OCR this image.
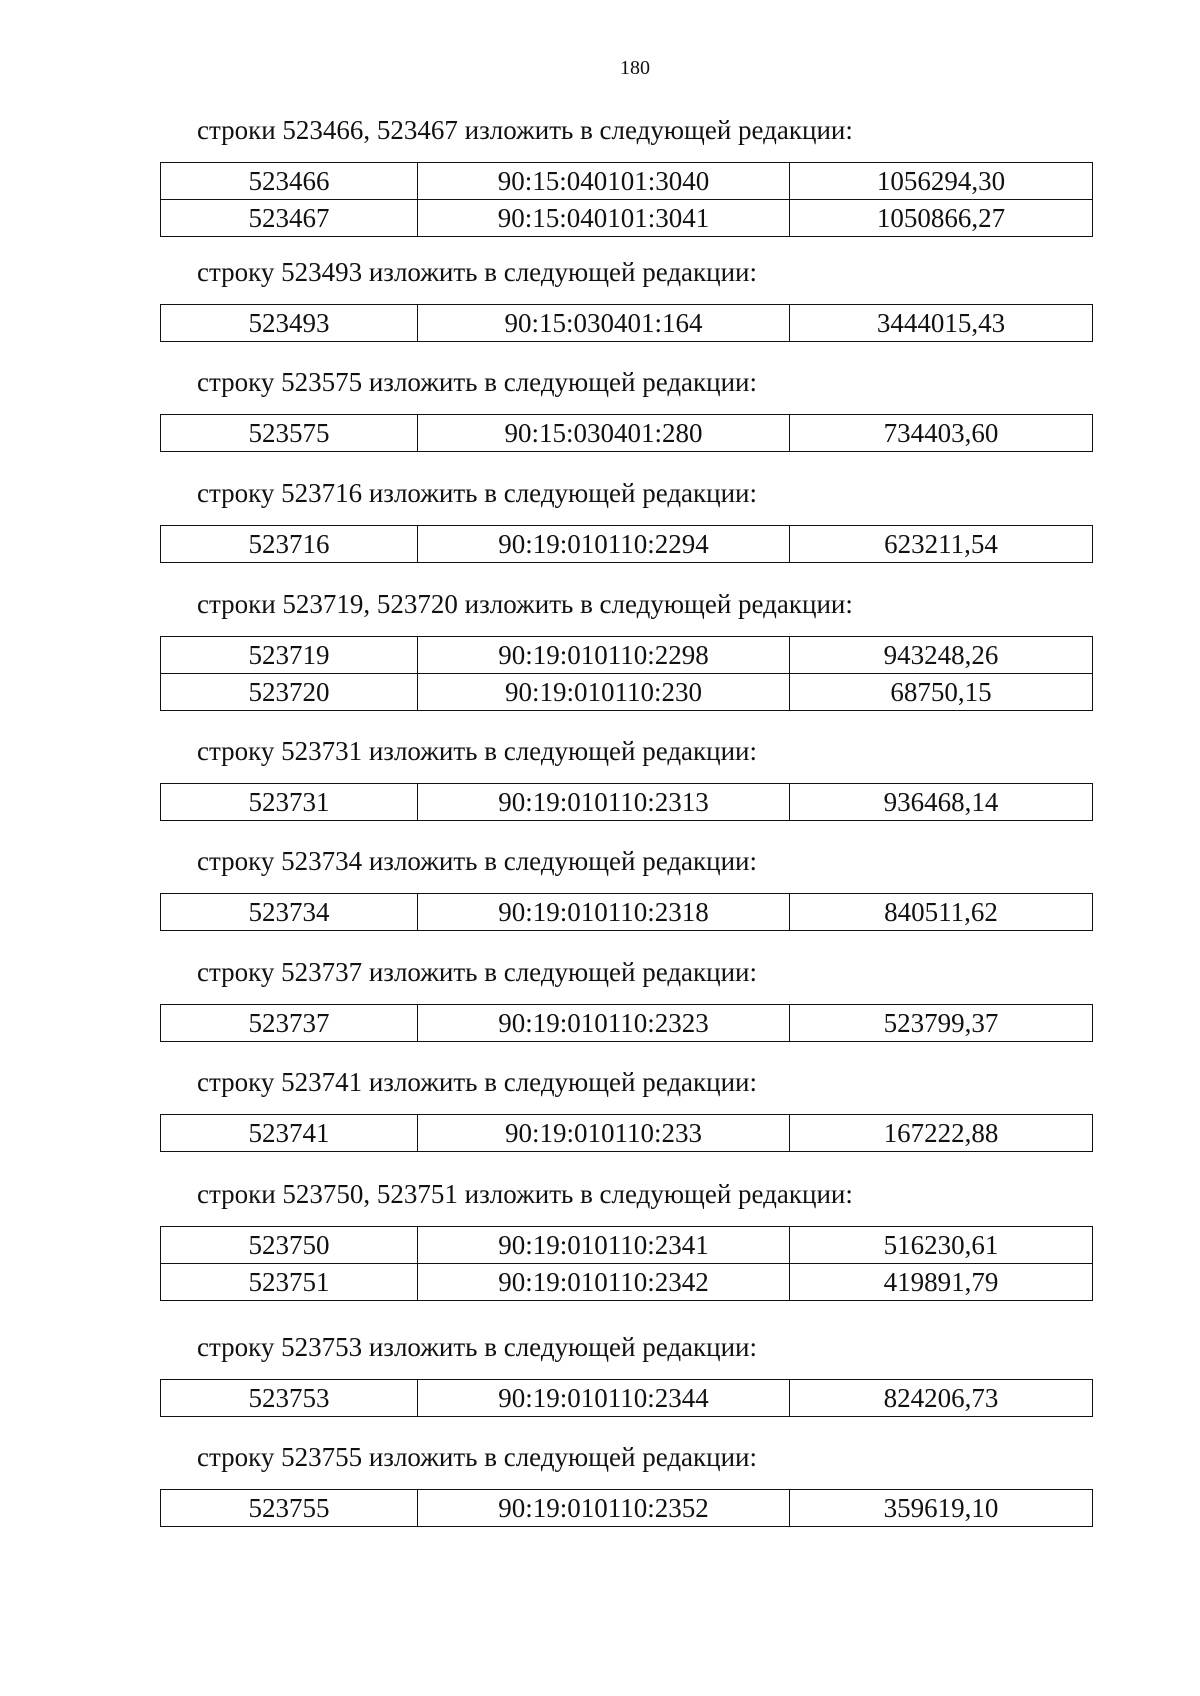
180
строки 523466, 523467 изложить в следующей редакции:
523466	90:15:040101:3040	1056294,30
523467	90:15:040101:3041	1050866,27
строку 523493 изложить в следующей редакции:
523493	90:15:030401:164	3444015,43
строку 523575 изложить в следующей редакции:
523575	90:15:030401:280	734403,60
строку 523716 изложить в следующей редакции:
523716	90:19:010110:2294	623211,54
строки 523719, 523720 изложить в следующей редакции:
523719	90:19:010110:2298	943248,26
523720	90:19:010110:230	68750,15
строку 523731 изложить в следующей редакции:
523731	90:19:010110:2313	936468,14
строку 523734 изложить в следующей редакции:
523734	90:19:010110:2318	840511,62
строку 523737 изложить в следующей редакции:
523737	90:19:010110:2323	523799,37
строку 523741 изложить в следующей редакции:
523741	90:19:010110:233	167222,88
строки 523750, 523751 изложить в следующей редакции:
523750	90:19:010110:2341	516230,61
523751	90:19:010110:2342	419891,79
строку 523753 изложить в следующей редакции:
523753	90:19:010110:2344	824206,73
строку 523755 изложить в следующей редакции:
523755	90:19:010110:2352	359619,10
